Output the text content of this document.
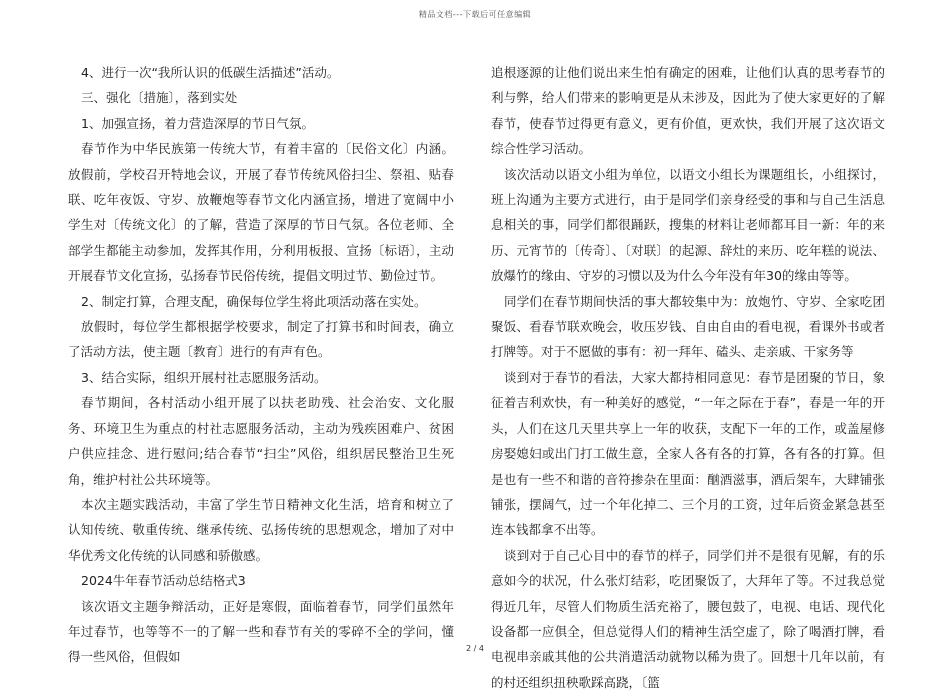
精品文档---下载后可任意编辑

4、进行一次“我所认识的低碳生活描述”活动。

三、强化〔措施〕，落到实处

1、加强宣扬，着力营造深厚的节日气氛。

春节作为中华民族第一传统大节，有着丰富的〔民俗文化〕内涵。放假前，学校召开特地会议，开展了春节传统风俗扫尘、祭祖、贴春联、吃年夜饭、守岁、放鞭炮等春节文化内涵宣扬，增进了宽阔中小学生对〔传统文化〕的了解，营造了深厚的节日气氛。各位老师、全部学生都能主动参加，发挥其作用，分利用板报、宣扬〔标语〕，主动开展春节文化宣扬，弘扬春节民俗传统，提倡文明过节、勤俭过节。

2、制定打算，合理支配，确保每位学生将此项活动落在实处。

放假时，每位学生都根据学校要求，制定了打算书和时间表，确立了活动方法，使主题〔教育〕进行的有声有色。

3、结合实际，组织开展村社志愿服务活动。

春节期间，各村活动小组开展了以扶老助残、社会治安、文化服务、环境卫生为重点的村社志愿服务活动，主动为残疾困难户、贫困户供应挂念、进行慰问;结合春节“扫尘”风俗，组织居民整治卫生死角，维护村社公共环境等。

本次主题实践活动，丰富了学生节日精神文化生活，培育和树立了认知传统、敬重传统、继承传统、弘扬传统的思想观念，增加了对中华优秀文化传统的认同感和骄傲感。

2024牛年春节活动总结格式3

该次语文主题争辩活动，正好是寒假，面临着春节，同学们虽然年年过春节，也等等不一的了解一些和春节有关的零碎不全的学问，懂得一些风俗，但假如

追根逐源的让他们说出来生怕有确定的困难，让他们认真的思考春节的利与弊，给人们带来的影响更是从未涉及，因此为了使大家更好的了解春节，使春节过得更有意义，更有价值，更欢快，我们开展了这次语文综合性学习活动。

该次活动以语文小组为单位，以语文小组长为课题组长，小组探讨，班上沟通为主要方式进行，由于是同学们亲身经受的事和与自己生活息息相关的事，同学们都很踊跃，搜集的材料让老师都耳目一新：年的来历、元宵节的〔传奇〕、〔对联〕的起源、辞灶的来历、吃年糕的说法、放爆竹的缘由、守岁的习惯以及为什么今年没有年30的缘由等等。

同学们在春节期间快活的事大都较集中为：放炮竹、守岁、全家吃团聚饭、看春节联欢晚会，收压岁钱、自由自由的看电视，看课外书或者打牌等。对于不愿做的事有：初一拜年、磕头、走亲戚、干家务等

谈到对于春节的看法，大家大都持相同意见：春节是团聚的节日，象征着吉利欢快，有一种美好的感觉，“一年之际在于春”，春是一年的开头，人们在这几天里共享上一年的收获，支配下一年的工作，或盖屋修房娶媳妇或出门打工做生意，全家人各有各的打算，各有各的打算。但是也有一些不和谐的音符掺杂在里面：酗酒滋事，酒后架车，大肆铺张铺张，摆阔气，过一个年化掉二、三个月的工资，过年后资金紧急甚至连本钱都拿不出等。

谈到对于自己心目中的春节的样子，同学们并不是很有见解，有的乐意如今的状况，什么张灯结彩，吃团聚饭了，大拜年了等。不过我总觉得近几年，尽管人们物质生活充裕了，腰包鼓了，电视、电话、现代化设备都一应俱全，但总觉得人们的精神生活空虚了，除了喝酒打牌，看电视串亲戚其他的公共消遣活动就物以稀为贵了。回想十几年以前，有的村还组织扭秧歌踩高跷，〔篮

2 / 4
